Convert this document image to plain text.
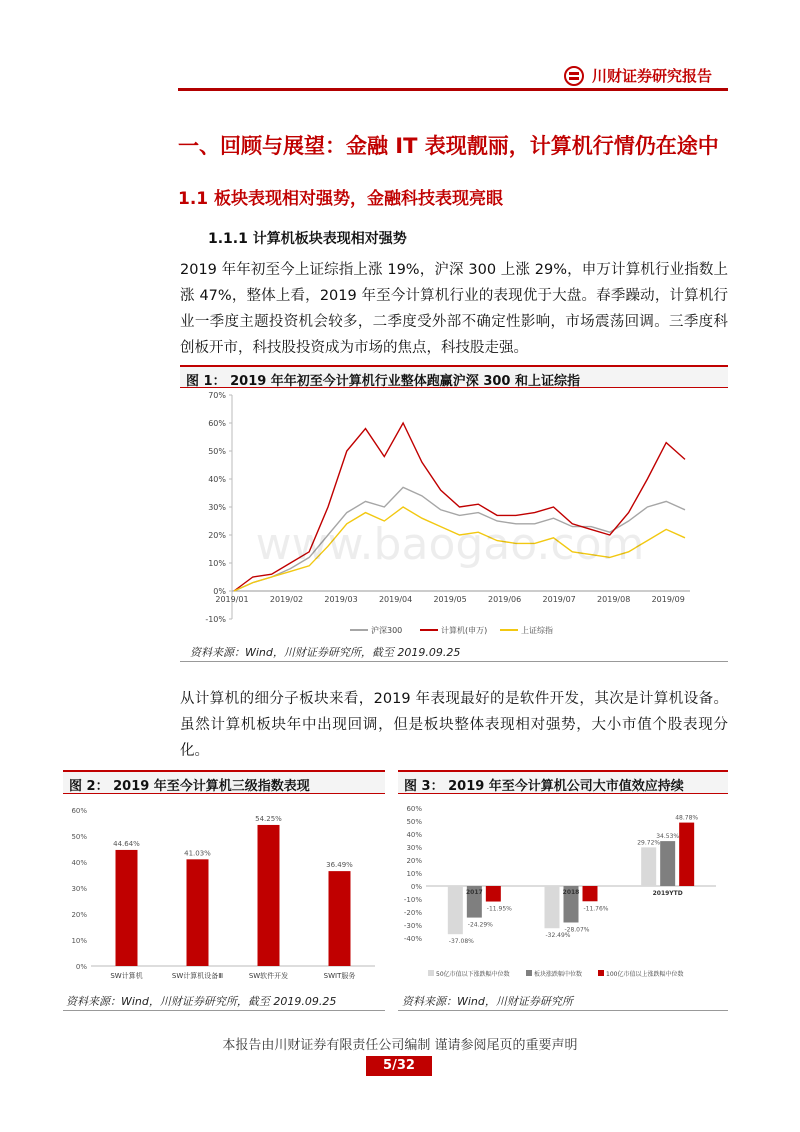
川财证券研究报告
一、回顾与展望：金融 IT 表现靓丽，计算机行情仍在途中
1.1 板块表现相对强势，金融科技表现亮眼
1.1.1 计算机板块表现相对强势
2019 年年初至今上证综指上涨 19%，沪深 300 上涨 29%，申万计算机行业指数上涨 47%，整体上看，2019 年至今计算机行业的表现优于大盘。春季躁动，计算机行业一季度主题投资机会较多，二季度受外部不确定性影响，市场震荡回调。三季度科创板开市，科技股投资成为市场的焦点，科技股走强。
图 1： 2019 年年初至今计算机行业整体跑赢沪深 300 和上证综指
-10%
0%
10%
20%
30%
40%
50%
60%
70%
2019/01	2019/02	2019/03	2019/04	2019/05	2019/06	2019/07	2019/08	2019/09
www.baogao.com
沪深300	计算机(申万)	上证综指
资料来源：Wind，川财证券研究所，截至 2019.09.25
从计算机的细分子板块来看，2019 年表现最好的是软件开发，其次是计算机设备。虽然计算机板块年中出现回调，但是板块整体表现相对强势，大小市值个股表现分化。
图 2： 2019 年至今计算机三级指数表现
0%
10%
20%
30%
40%
50%
60%
44.64%
SW计算机
41.03%
SW计算机设备Ⅲ
54.25%
SW软件开发
36.49%
SWIT服务
资料来源：Wind，川财证券研究所，截至 2019.09.25
图 3： 2019 年至今计算机公司大市值效应持续
-40%
-30%
-20%
-10%
0%
10%
20%
30%
40%
50%
60%
-37.08%
-24.29%
-11.95%
2017
-32.49%
-28.07%
-11.76%
2018
29.72%
34.53%
48.78%
2019YTD
50亿市值以下涨跌幅中位数	板块涨跌幅中位数	100亿市值以上涨跌幅中位数
资料来源：Wind，川财证券研究所
本报告由川财证券有限责任公司编制 谨请参阅尾页的重要声明
5/32
